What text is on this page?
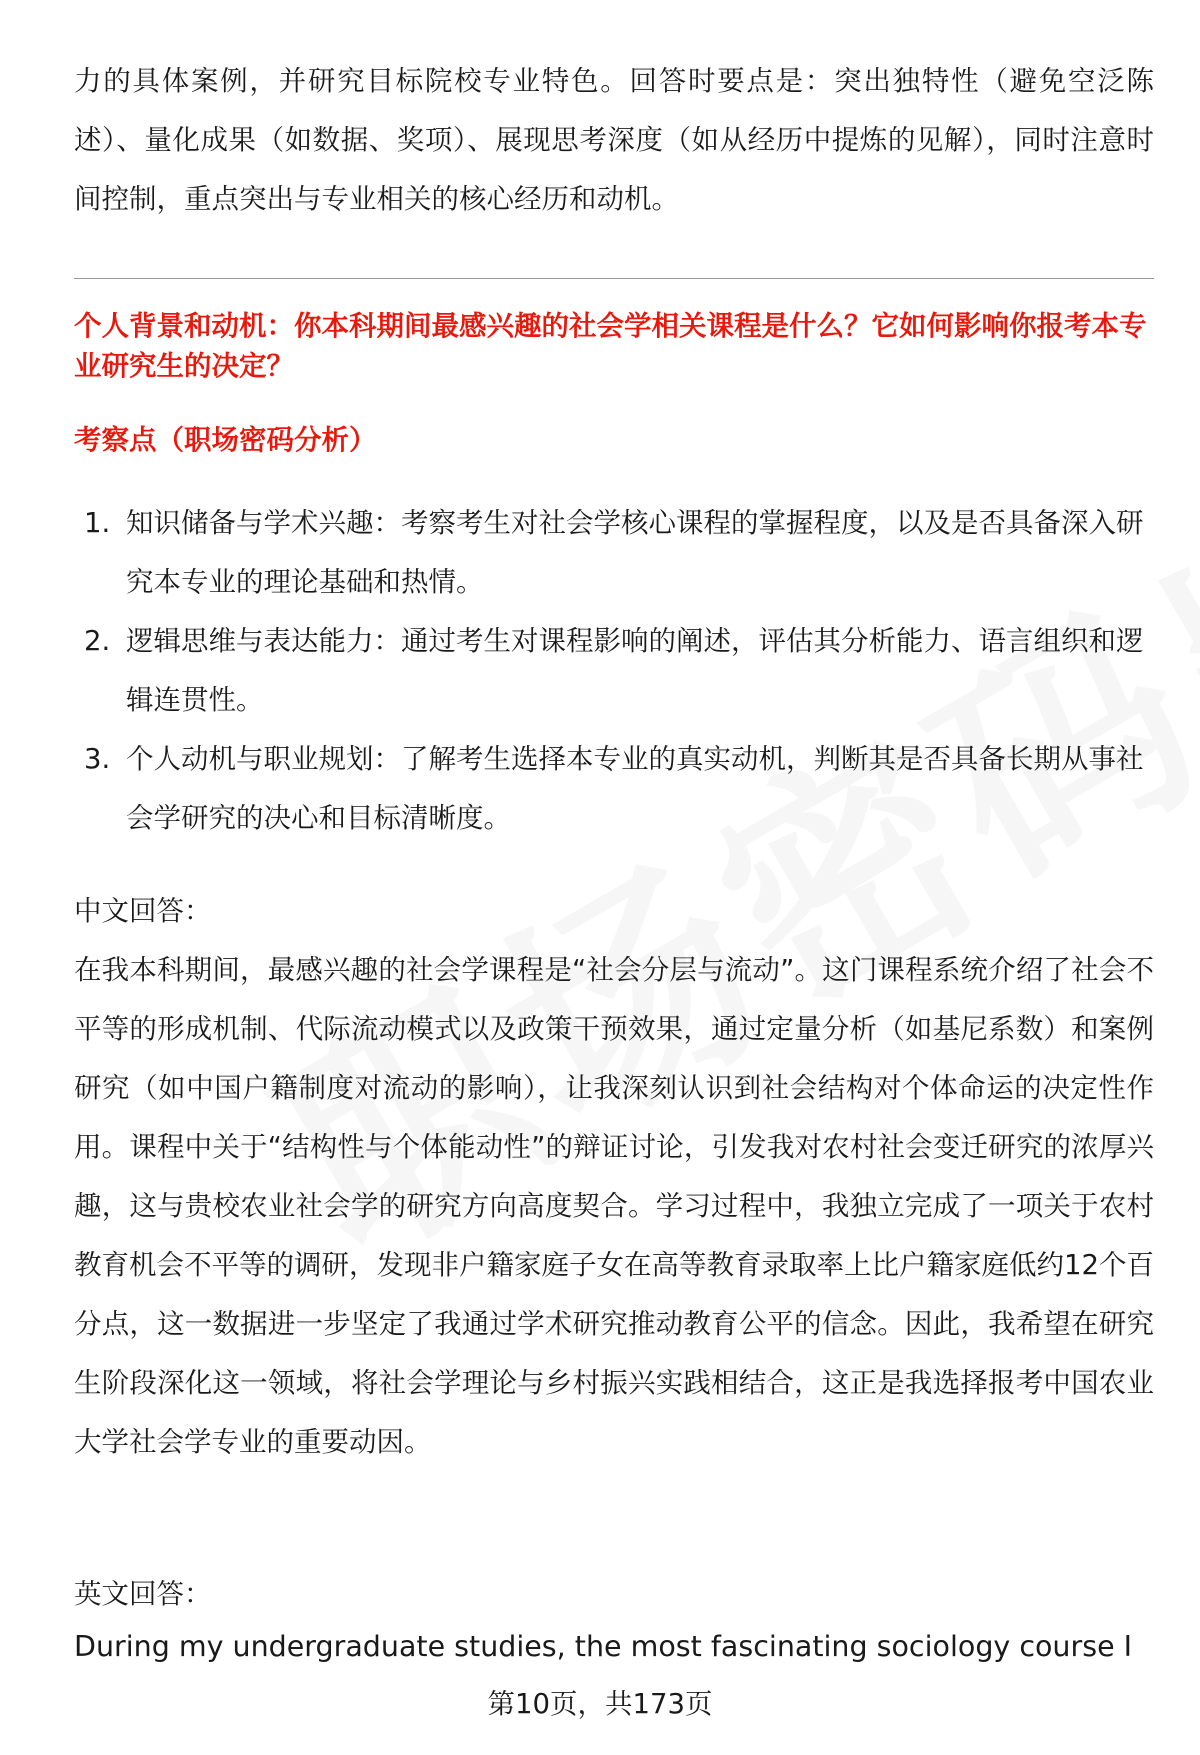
力的具体案例，并研究目标院校专业特色。回答时要点是：突出独特性（避免空泛陈述）、量化成果（如数据、奖项）、展现思考深度（如从经历中提炼的见解），同时注意时间控制，重点突出与专业相关的核心经历和动机。

个人背景和动机：你本科期间最感兴趣的社会学相关课程是什么？它如何影响你报考本专业研究生的决定？

考察点（职场密码分析）

1. 知识储备与学术兴趣：考察考生对社会学核心课程的掌握程度，以及是否具备深入研究本专业的理论基础和热情。
2. 逻辑思维与表达能力：通过考生对课程影响的阐述，评估其分析能力、语言组织和逻辑连贯性。
3. 个人动机与职业规划：了解考生选择本专业的真实动机，判断其是否具备长期从事社会学研究的决心和目标清晰度。

中文回答：

在我本科期间，最感兴趣的社会学课程是“社会分层与流动”。这门课程系统介绍了社会不平等的形成机制、代际流动模式以及政策干预效果，通过定量分析（如基尼系数）和案例研究（如中国户籍制度对流动的影响），让我深刻认识到社会结构对个体命运的决定性作用。课程中关于“结构性与个体能动性”的辩证讨论，引发我对农村社会变迁研究的浓厚兴趣，这与贵校农业社会学的研究方向高度契合。学习过程中，我独立完成了一项关于农村教育机会不平等的调研，发现非户籍家庭子女在高等教育录取率上比户籍家庭低约12个百分点，这一数据进一步坚定了我通过学术研究推动教育公平的信念。因此，我希望在研究生阶段深化这一领域，将社会学理论与乡村振兴实践相结合，这正是我选择报考中国农业大学社会学专业的重要动因。

英文回答：

During my undergraduate studies, the most fascinating sociology course I

第10页，共173页
